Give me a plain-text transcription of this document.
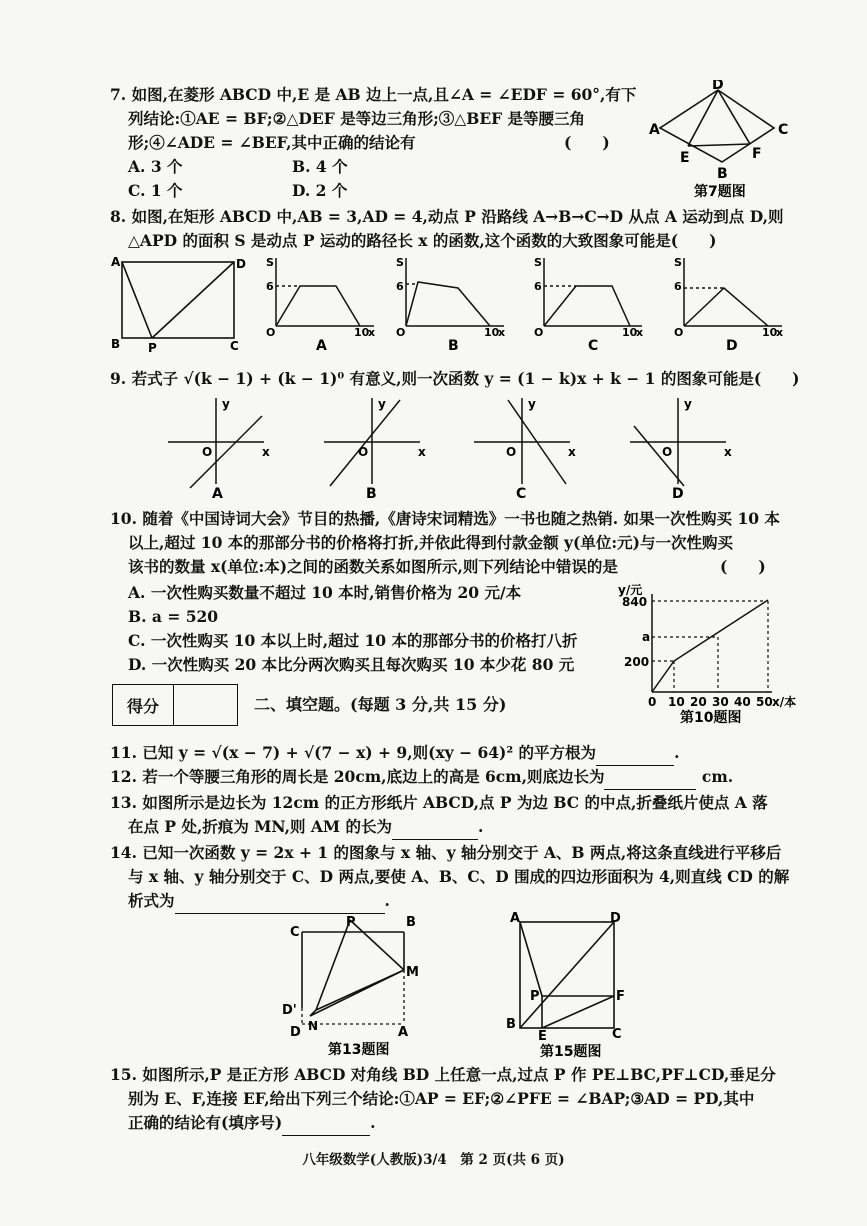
7. 如图,在菱形 ABCD 中,E 是 AB 边上一点,且∠A = ∠EDF = 60°,有下
列结论:①AE = BF;②△DEF 是等边三角形;③△BEF 是等腰三角
形;④∠ADE = ∠BEF,其中正确的结论有	(　　)
A. 3 个	B. 4 个
C. 1 个	D. 2 个
D
A	C
E	F
B
第7题图
8. 如图,在矩形 ABCD 中,AB = 3,AD = 4,动点 P 沿路线 A→B→C→D 从点 A 运动到点 D,则
△APD 的面积 S 是动点 P 运动的路径长 x 的函数,这个函数的大致图象可能是(　　)
A	D
B P	C
S
6
O	10
x
A
S
6
O	10
x
B
S
6
O	10
x
C
S
6
O	10
x
D
9. 若式子 √(k − 1) + (k − 1)⁰ 有意义,则一次函数 y = (1 − k)x + k − 1 的图象可能是(　　)
y
O	x
A
y
O	x
B
y
O	x
C
y
O	x
D
10. 随着《中国诗词大会》节目的热播,《唐诗宋词精选》一书也随之热销. 如果一次性购买 10 本
以上,超过 10 本的那部分书的价格将打折,并依此得到付款金额 y(单位:元)与一次性购买
该书的数量 x(单位:本)之间的函数关系如图所示,则下列结论中错误的是	(　　)
A. 一次性购买数量不超过 10 本时,销售价格为 20 元/本
B. a = 520
C. 一次性购买 10 本以上时,超过 10 本的那部分书的价格打八折
D. 一次性购买 20 本比分两次购买且每次购买 10 本少花 80 元
y/元
840
a
200
0 10 20 30 40 50 x/本
第10题图
得分	二、填空题。(每题 3 分,共 15 分)
11. 已知 y = √(x − 7) + √(7 − x) + 9,则(xy − 64)² 的平方根为	.
12. 若一个等腰三角形的周长是 20cm,底边上的高是 6cm,则底边长为	cm.
13. 如图所示是边长为 12cm 的正方形纸片 ABCD,点 P 为边 BC 的中点,折叠纸片使点 A 落
在点 P 处,折痕为 MN,则 AM 的长为	.
14. 已知一次函数 y = 2x + 1 的图象与 x 轴、y 轴分别交于 A、B 两点,将这条直线进行平移后
与 x 轴、y 轴分别交于 C、D 两点,要使 A、B、C、D 围成的四边形面积为 4,则直线 CD 的解
析式为	.
C
P	B
M
D'
D N	A
第13题图
A	D
P	F
B
E	C
第15题图
15. 如图所示,P 是正方形 ABCD 对角线 BD 上任意一点,过点 P 作 PE⊥BC,PF⊥CD,垂足分
别为 E、F,连接 EF,给出下列三个结论:①AP = EF;②∠PFE = ∠BAP;③AD = PD,其中
正确的结论有(填序号)	.
八年级数学(人教版)3/4　第 2 页(共 6 页)
